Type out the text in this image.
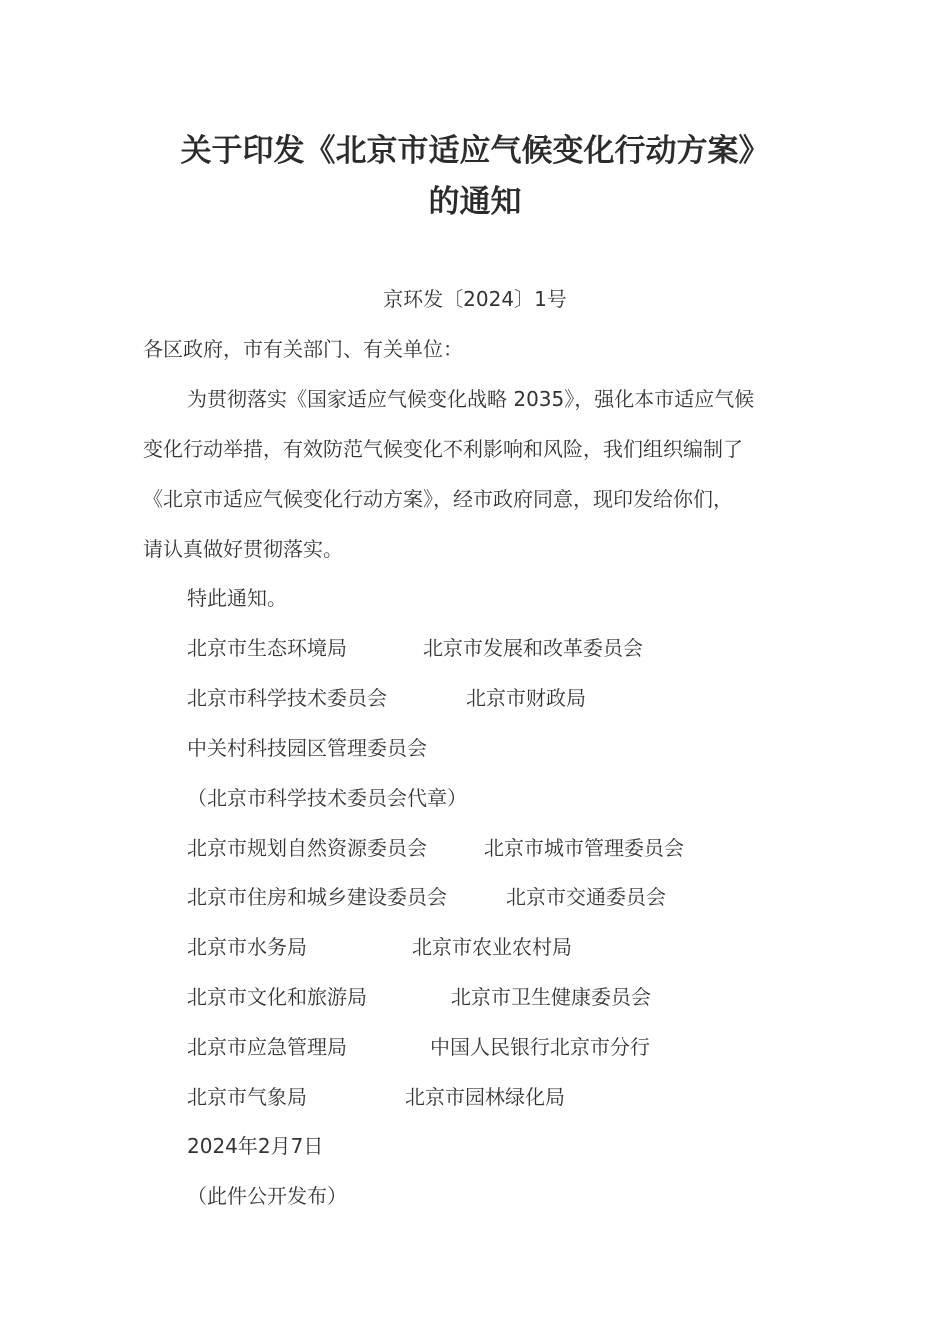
关于印发《北京市适应气候变化行动方案》
的通知

京环发〔2024〕1号

各区政府，市有关部门、有关单位：

为贯彻落实《国家适应气候变化战略 2035》，强化本市适应气候

变化行动举措，有效防范气候变化不利影响和风险，我们组织编制了

《北京市适应气候变化行动方案》，经市政府同意，现印发给你们，

请认真做好贯彻落实。

特此通知。

北京市生态环境局	北京市发展和改革委员会

北京市科学技术委员会	北京市财政局

中关村科技园区管理委员会

（北京市科学技术委员会代章）

北京市规划自然资源委员会	北京市城市管理委员会

北京市住房和城乡建设委员会	北京市交通委员会

北京市水务局	北京市农业农村局

北京市文化和旅游局	北京市卫生健康委员会

北京市应急管理局	中国人民银行北京市分行

北京市气象局	北京市园林绿化局

2024年2月7日

（此件公开发布）
